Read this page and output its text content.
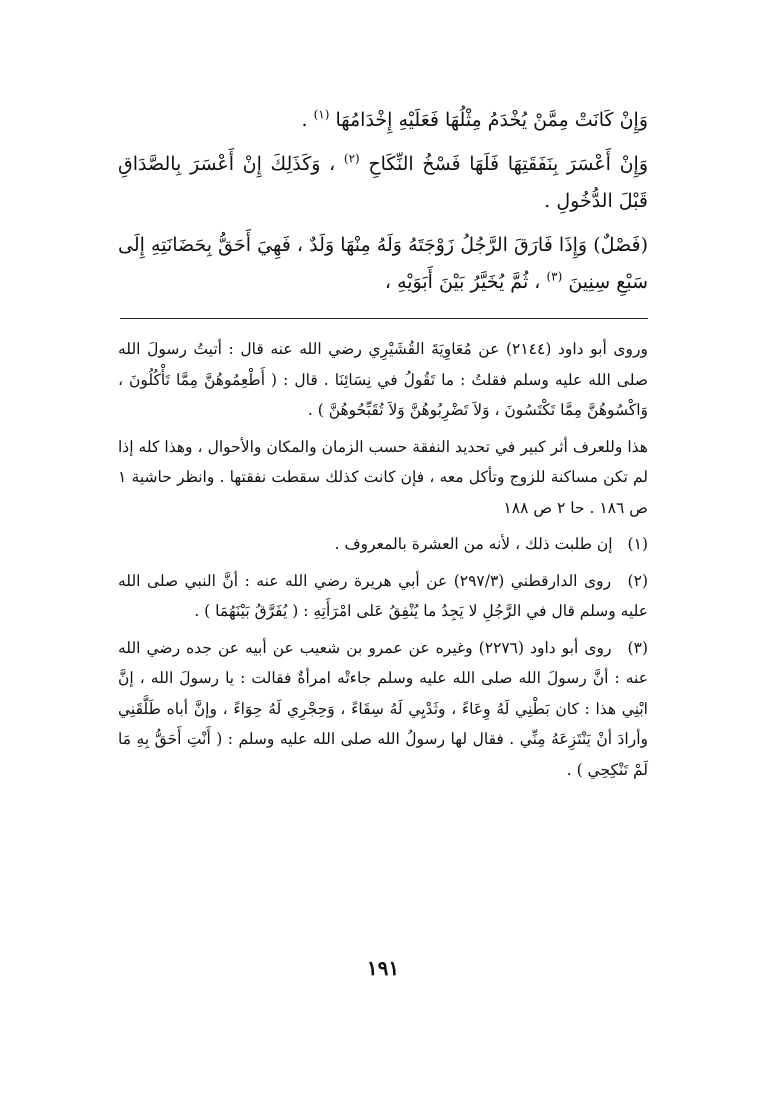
وَإِنْ كَانَتْ مِمَّنْ يُخْدَمُ مِثْلُهَا فَعَلَيْهِ إِخْدَامُهَا $^{(١)}$ .

وَإِنْ أَعْسَرَ بِنَفَقَتِهَا فَلَهَا فَسْخُ النِّكَاحِ $^{(٢)}$ ، وَكَذَلِكَ إِنْ أَعْسَرَ بِالصَّدَاقِ قَبْلَ الدُّخُولِ .

(فَصْلٌ) وَإِذَا فَارَقَ الرَّجُلُ زَوْجَتَهُ وَلَهُ مِنْهَا وَلَدٌ ، فَهِيَ أَحَقُّ بِحَضَانَتِهِ إِلَى سَبْعِ سِنِينَ $^{(٣)}$ ، ثُمَّ يُخَيَّرُ بَيْنَ أَبَوَيْهِ ،

وروى أبو داود (٢١٤٤) عن مُعَاوِيَةَ القُشَيْرِي رضي الله عنه قال : أتيتُ رسولَ الله صلى الله عليه وسلم فقلتُ : ما تَقُولُ في نِسَائِنَا . قال : ( أَطْعِمُوهُنَّ مِمَّا تَأْكُلُونَ ، وَاكْسُوهُنَّ مِمَّا تَكْتَسُونَ ، وَلاَ تَضْرِبُوهُنَّ وَلاَ تُقَبِّحُوهُنَّ ) .

هذا وللعرف أثر كبير في تحديد النفقة حسب الزمان والمكان والأحوال ، وهذا كله إذا لم تكن مساكنة للزوج وتأكل معه ، فإن كانت كذلك سقطت نفقتها . وانظر حاشية ١ ص ١٨٦ . حا ٢ ص ١٨٨

(١) إن طلبت ذلك ، لأنه من العشرة بالمعروف .

(٢) روى الدارقطني (٢٩٧/٣) عن أبي هريرة رضي الله عنه : أنَّ النبي صلى الله عليه وسلم قال في الرَّجُلِ لا يَجِدُ ما يُنْفِقُ عَلى امْرَأَتِهِ : ( يُفَرَّقُ بَيْنَهُمَا ) .

(٣) روى أبو داود (٢٢٧٦) وغيره عن عمرو بن شعيب عن أبيه عن جده رضي الله عنه : أنَّ رسولَ الله صلى الله عليه وسلم جاءتْه امرأةٌ فقالت : يا رسولَ الله ، إنَّ ابْنِي هذا : كان بَطْنِي لَهُ وِعَاءً ، وثَدْيِي لَهُ سِقَاءً ، وَحِجْرِي لَهُ حِوَاءً ، وإنَّ أباه طَلَّقَنِي وأرادَ أنْ يَنْتَزِعَهُ مِنِّي . فقال لها رسولُ الله صلى الله عليه وسلم : ( أَنْتِ أَحَقُّ بِهِ مَا لَمْ تَنْكِحِي ) .

١٩١
